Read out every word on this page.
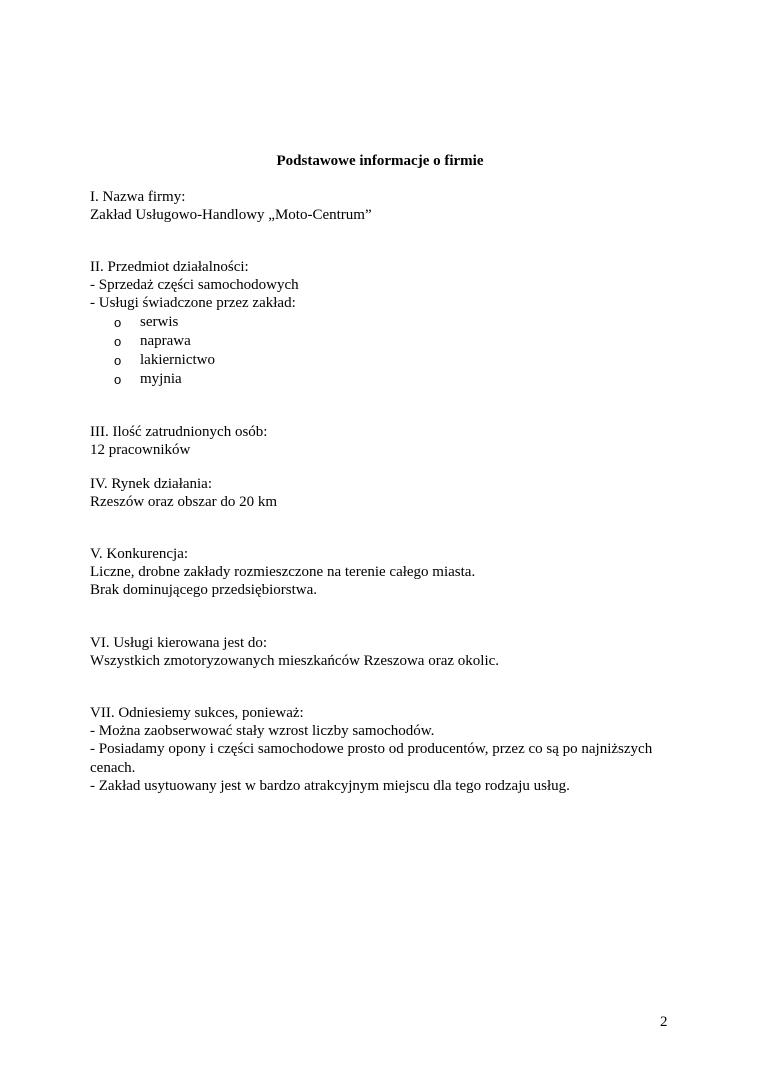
Podstawowe informacje o firmie
I. Nazwa firmy:
Zakład Usługowo-Handlowy „Moto-Centrum”
II. Przedmiot działalności:
- Sprzedaż części samochodowych
- Usługi świadczone przez zakład:
o serwis
o naprawa
o lakiernictwo
o myjnia
III. Ilość zatrudnionych osób:
12 pracowników
IV. Rynek działania:
Rzeszów oraz obszar do 20 km
V. Konkurencja:
Liczne, drobne zakłady rozmieszczone na terenie całego miasta.
Brak dominującego przedsiębiorstwa.
VI. Usługi kierowana jest do:
Wszystkich zmotoryzowanych mieszkańców Rzeszowa oraz okolic.
VII. Odniesiemy sukces, ponieważ:
- Można zaobserwować stały wzrost liczby samochodów.
- Posiadamy opony i części samochodowe prosto od producentów, przez co są po najniższych cenach.
- Zakład usytuowany jest w bardzo atrakcyjnym miejscu dla tego rodzaju usług.
2
